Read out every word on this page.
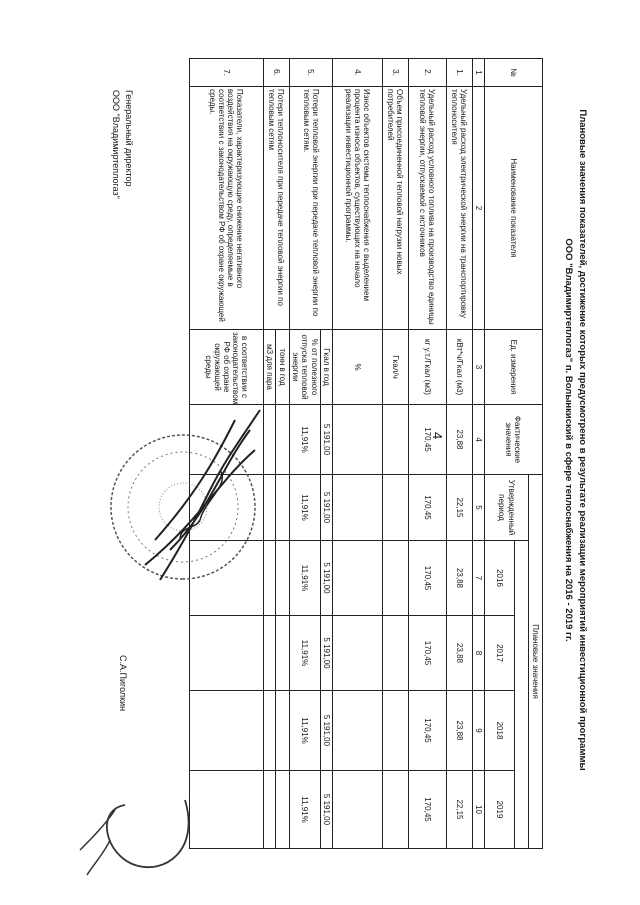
4	Плановые значения показателей, достижение которых предусмотрено в результате реализации мероприятий инвестиционной программы
ООО "Владимиртеплогаз" п. Волынкиский в сфере теплоснабжения на 2016 - 2019 гг.
№	Наименование показателя	Ед. измерения	Фактические значения	Плановые значения				
				Утвержденный период				
					2016	2017	2018	2019
1	2	3	4	5	7	8	9	10
1.	Удельный расход электрической энергии на транспортировку теплоносителя	кВт*ч/Гкал (м3)	23,88	22,15	23,88	23,88	23,88	22,15
2.	Удельный расход условного топлива на производство единицы тепловой энергии, отпускаемой с источников	кг у.т./Гкал (м3)	170,45	170,45	170,45	170,45	170,45	170,45
3.	Объем присоединенной тепловой нагрузки новых потребителей	Гкал/ч						
4.	Износ объектов системы теплоснабжения с выделением процента износа объектов, существующих на начало реализации инвестиционной программы.	%						
5.	Потери тепловой энергии при передаче тепловой энергии по тепловым сетям.	Гкал в год	5 191,00	5 191,00	5 191,00	5 191,00	5 191,00	5 191,00
		% от полезного отпуска тепловой энергии	11,91%	11,91%	11,91%	11,91%	11,91%	11,91%
6.	Потери теплоносителя при передаче тепловой энергии по тепловым сетям	тонн в год						
		м3 для пара						
7.	Показатели, характеризующие снижение негативного воздействия на окружающую среду, определяемые в соответствии с законодательством РФ об охране окружающей среды.	в соответствии с законодательством РФ об охране окружающей среды						
Генеральный директор
ООО "Владимиртеплогаз"
С.А.Пиголкин
